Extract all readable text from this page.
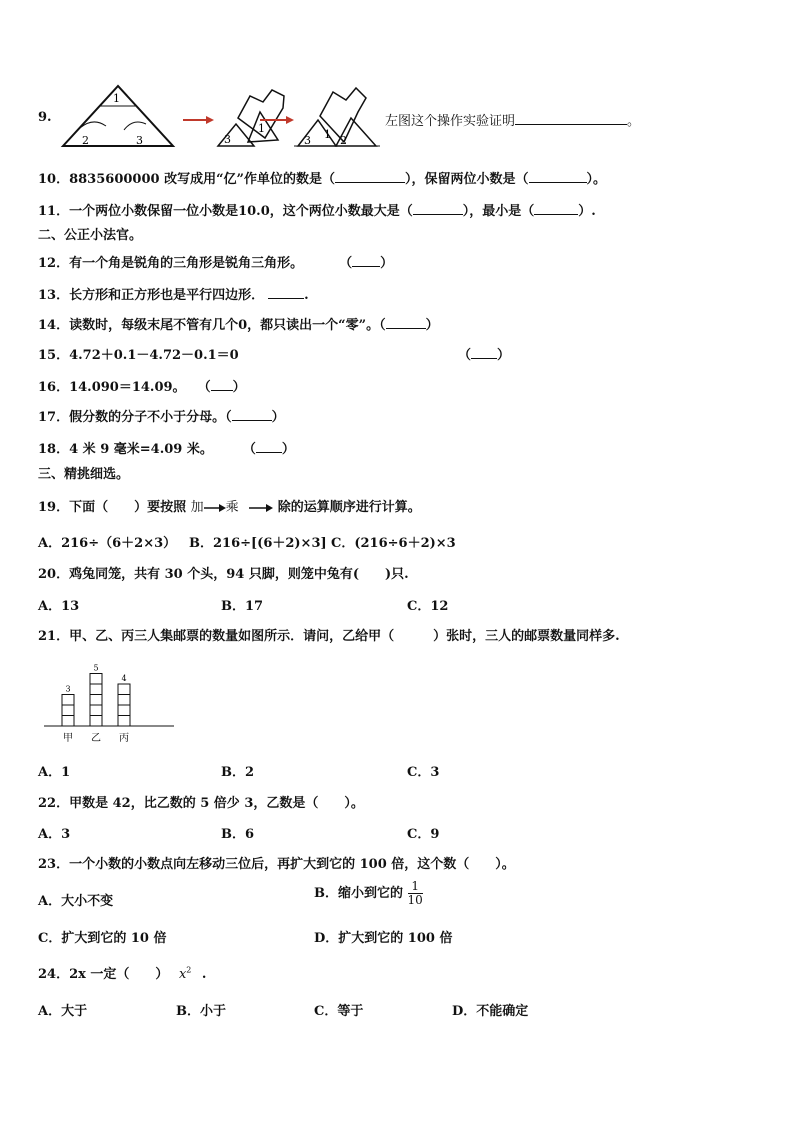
9.
1
2	3	3
1
3 1 2
左图这个操作实验证明	。
10．8835600000 改写成用“亿”作单位的数是（	），保留两位小数是（	）。
11．一个两位小数保留一位小数是10.0，这个两位小数最大是（	），最小是（	）.
二、公正小法官。
12．有一个角是锐角的三角形是锐角三角形。	（ ）
13．长方形和正方形也是平行四边形．	.
14．读数时，每级末尾不管有几个0，都只读出一个“零”。（	）
15．4.72＋0.1－4.72－0.1＝0	（ ）
16．14.090＝14.09。 （ ）
17．假分数的分子不小于分母。（	）
18．4 米 9 毫米=4.09 米。 （ ）
三、精挑细选。
19．下面（　　）要按照 加 乘	除的运算顺序进行计算。
A．216÷（6＋2×3） B．216÷[(6＋2)×3] C．(216÷6＋2)×3
20．鸡兔同笼，共有 30 个头，94 只脚，则笼中兔有(　　)只.
A．13	B．17	C．12
21．甲、乙、丙三人集邮票的数量如图所示．请问，乙给甲（　　　）张时，三人的邮票数量同样多.
3
甲
5
乙
4
丙
A．1	B．2	C．3
22．甲数是 42，比乙数的 5 倍少 3，乙数是（　　）。
A．3	B．6	C．9
23．一个小数的小数点向左移动三位后，再扩大到它的 100 倍，这个数（　　）。
A．大小不变
B．缩小到它的 $\frac{1}{10}$
C．扩大到它的 10 倍	D．扩大到它的 100 倍
24．2x 一定（　　） $x^2$ .
A．大于	B．小于	C．等于	D．不能确定
